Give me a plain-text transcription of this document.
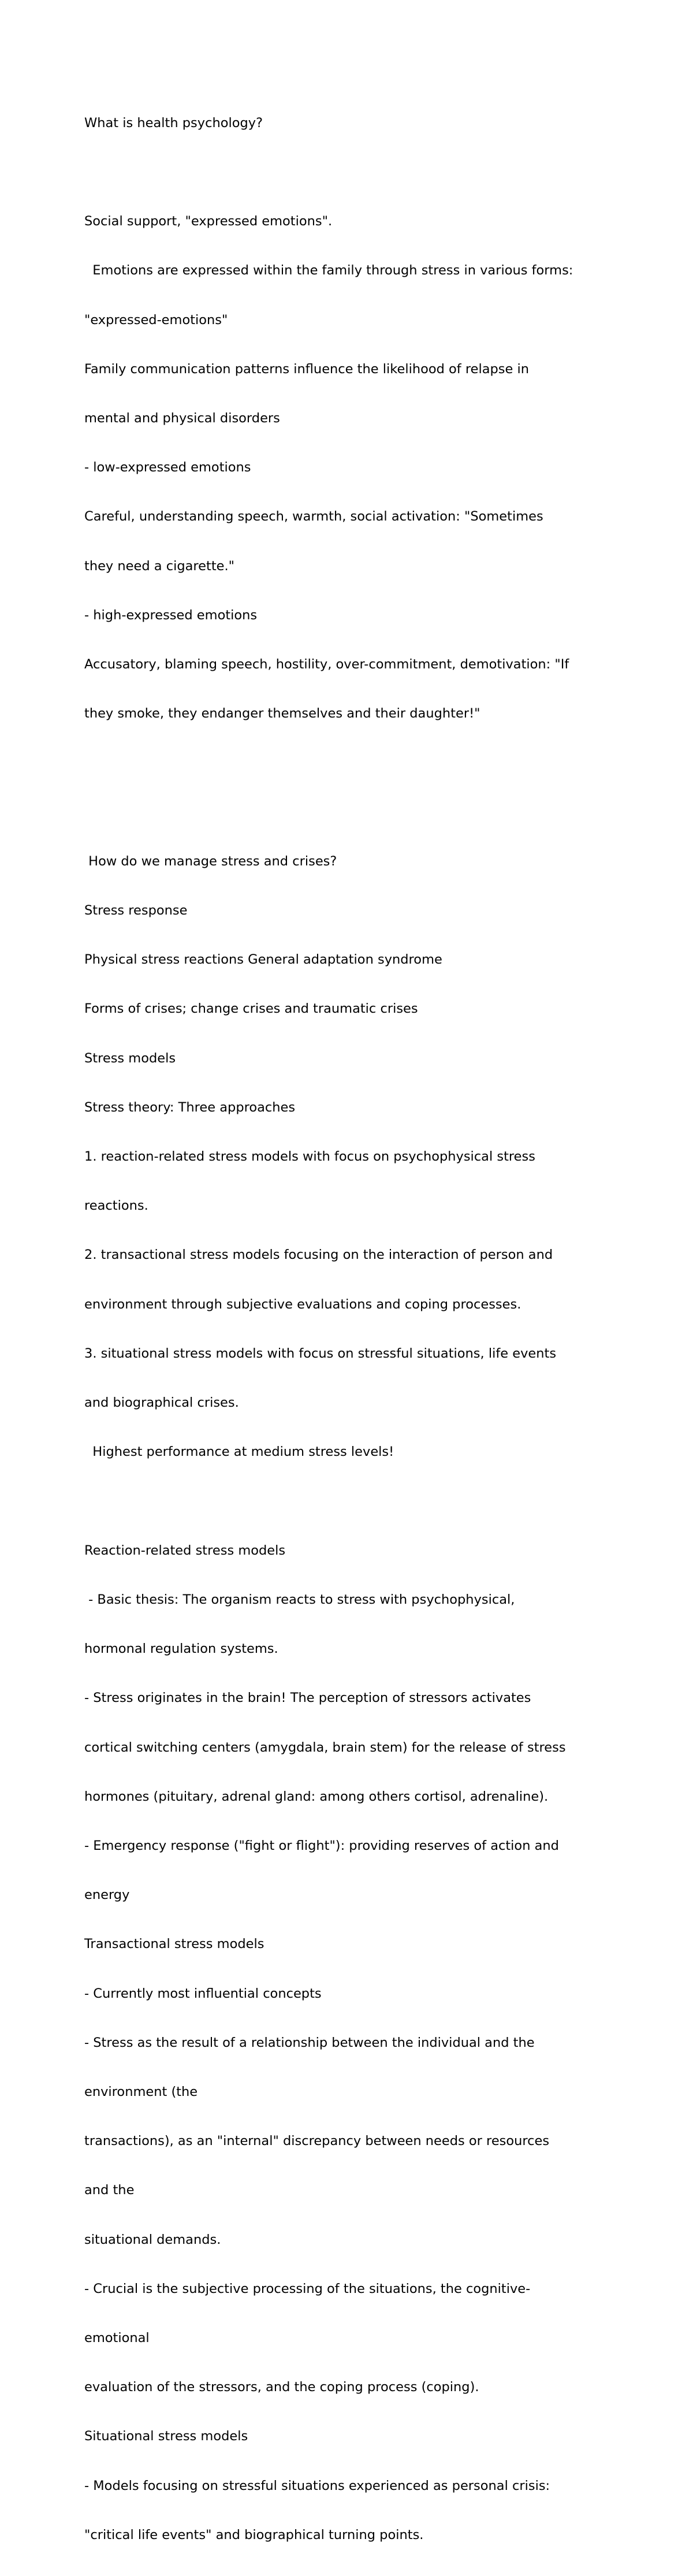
What is health psychology?

Social support, "expressed emotions".

Emotions are expressed within the family through stress in various forms:

"expressed-emotions"

Family communication patterns influence the likelihood of relapse in

mental and physical disorders

- low-expressed emotions

Careful, understanding speech, warmth, social activation: "Sometimes

they need a cigarette."

- high-expressed emotions

Accusatory, blaming speech, hostility, over-commitment, demotivation: "If

they smoke, they endanger themselves and their daughter!"

How do we manage stress and crises?

Stress response

Physical stress reactions General adaptation syndrome

Forms of crises; change crises and traumatic crises

Stress models

Stress theory: Three approaches

1. reaction-related stress models with focus on psychophysical stress

reactions.

2. transactional stress models focusing on the interaction of person and

environment through subjective evaluations and coping processes.

3. situational stress models with focus on stressful situations, life events

and biographical crises.

Highest performance at medium stress levels!

Reaction-related stress models

- Basic thesis: The organism reacts to stress with psychophysical,

hormonal regulation systems.

- Stress originates in the brain! The perception of stressors activates

cortical switching centers (amygdala, brain stem) for the release of stress

hormones (pituitary, adrenal gland: among others cortisol, adrenaline).

- Emergency response ("fight or flight"): providing reserves of action and

energy

Transactional stress models

- Currently most influential concepts

- Stress as the result of a relationship between the individual and the

environment (the

transactions), as an "internal" discrepancy between needs or resources

and the

situational demands.

- Crucial is the subjective processing of the situations, the cognitive-

emotional

evaluation of the stressors, and the coping process (coping).

Situational stress models

- Models focusing on stressful situations experienced as personal crisis:

"critical life events" and biographical turning points.
